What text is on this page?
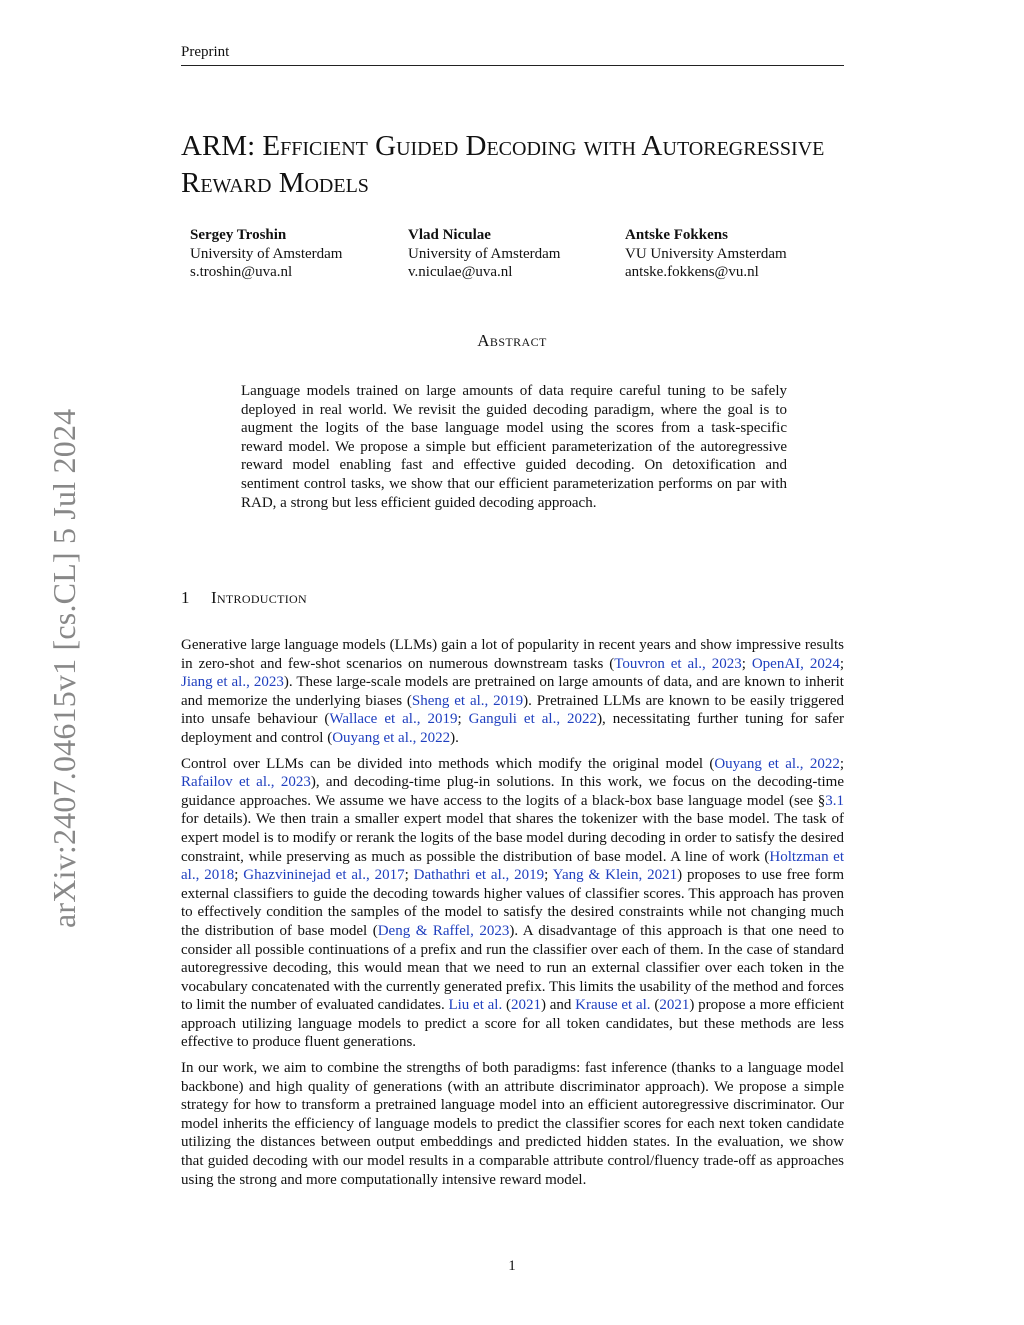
Preprint
arXiv:2407.04615v1 [cs.CL] 5 Jul 2024
ARM: Efficient Guided Decoding with Autoregressive Reward Models
Sergey Troshin
University of Amsterdam
s.troshin@uva.nl
Vlad Niculae
University of Amsterdam
v.niculae@uva.nl
Antske Fokkens
VU University Amsterdam
antske.fokkens@vu.nl
Abstract

Language models trained on large amounts of data require careful tuning to be safely deployed in real world. We revisit the guided decoding paradigm, where the goal is to augment the logits of the base language model using the scores from a task-specific reward model. We propose a simple but efficient parameterization of the autoregressive reward model enabling fast and effective guided decoding. On detoxification and sentiment control tasks, we show that our efficient parameterization performs on par with RAD, a strong but less efficient guided decoding approach.

1 Introduction

Generative large language models (LLMs) gain a lot of popularity in recent years and show impressive results in zero-shot and few-shot scenarios on numerous downstream tasks (Touvron et al., 2023; OpenAI, 2024; Jiang et al., 2023). These large-scale models are pretrained on large amounts of data, and are known to inherit and memorize the underlying biases (Sheng et al., 2019). Pretrained LLMs are known to be easily triggered into unsafe behaviour (Wallace et al., 2019; Ganguli et al., 2022), necessitating further tuning for safer deployment and control (Ouyang et al., 2022).

Control over LLMs can be divided into methods which modify the original model (Ouyang et al., 2022; Rafailov et al., 2023), and decoding-time plug-in solutions. In this work, we focus on the decoding-time guidance approaches. We assume we have access to the logits of a black-box base language model (see §3.1 for details). We then train a smaller expert model that shares the tokenizer with the base model. The task of expert model is to modify or rerank the logits of the base model during decoding in order to satisfy the desired constraint, while preserving as much as possible the distribution of base model. A line of work (Holtzman et al., 2018; Ghazvininejad et al., 2017; Dathathri et al., 2019; Yang & Klein, 2021) proposes to use free form external classifiers to guide the decoding towards higher values of classifier scores. This approach has proven to effectively condition the samples of the model to satisfy the desired constraints while not changing much the distribution of base model (Deng & Raffel, 2023). A disadvantage of this approach is that one need to consider all possible continuations of a prefix and run the classifier over each of them. In the case of standard autoregressive decoding, this would mean that we need to run an external classifier over each token in the vocabulary concatenated with the currently generated prefix. This limits the usability of the method and forces to limit the number of evaluated candidates. Liu et al. (2021) and Krause et al. (2021) propose a more efficient approach utilizing language models to predict a score for all token candidates, but these methods are less effective to produce fluent generations.

In our work, we aim to combine the strengths of both paradigms: fast inference (thanks to a language model backbone) and high quality of generations (with an attribute discriminator approach). We propose a simple strategy for how to transform a pretrained language model into an efficient autoregressive discriminator. Our model inherits the efficiency of language models to predict the classifier scores for each next token candidate utilizing the distances between output embeddings and predicted hidden states. In the evaluation, we show that guided decoding with our model results in a comparable attribute control/fluency trade-off as approaches using the strong and more computationally intensive reward model.

1
